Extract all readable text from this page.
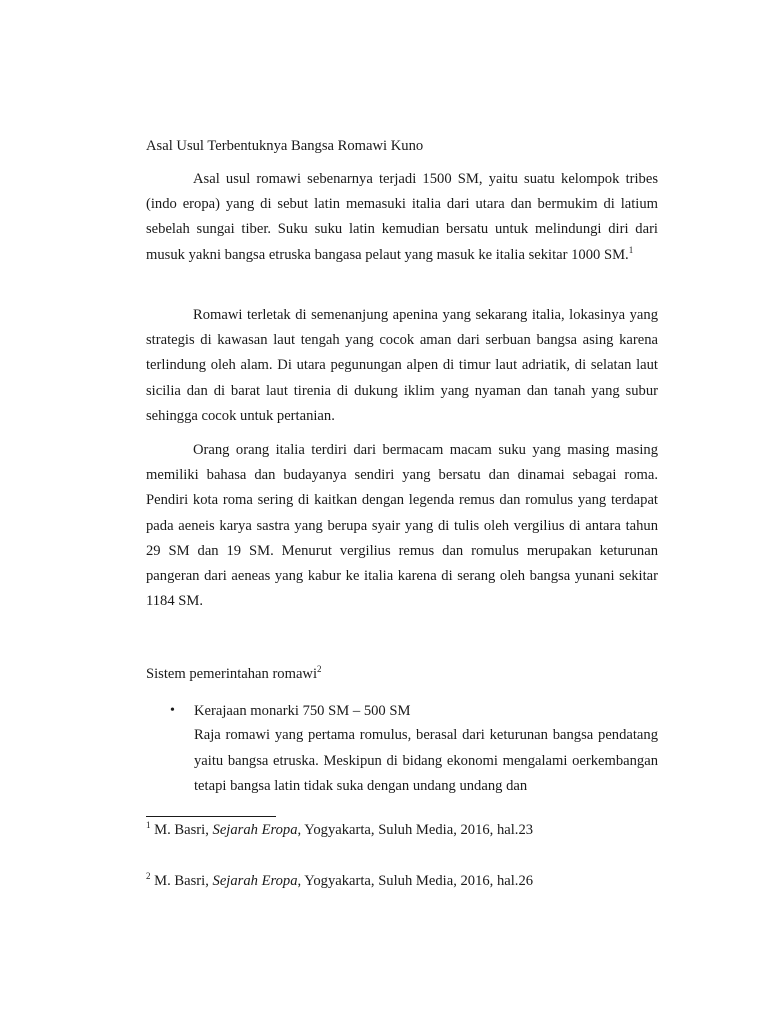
Asal Usul Terbentuknya Bangsa Romawi Kuno

Asal usul romawi sebenarnya terjadi 1500 SM, yaitu suatu kelompok tribes (indo eropa) yang di sebut latin memasuki italia dari utara dan bermukim di latium sebelah sungai tiber. Suku suku latin kemudian bersatu untuk melindungi diri dari musuk yakni bangsa etruska bangasa pelaut yang masuk ke italia sekitar 1000 SM.$^1$

Romawi terletak di semenanjung apenina yang sekarang italia, lokasinya yang strategis di kawasan laut tengah yang cocok aman dari serbuan bangsa asing karena terlindung oleh alam. Di utara pegunungan alpen di timur laut adriatik, di selatan laut sicilia dan di barat laut tirenia di dukung iklim yang nyaman dan tanah yang subur sehingga cocok untuk pertanian.

Orang orang italia terdiri dari bermacam macam suku yang masing masing memiliki bahasa dan budayanya sendiri yang bersatu dan dinamai sebagai roma. Pendiri kota roma sering di kaitkan dengan legenda remus dan romulus yang terdapat pada aeneis karya sastra yang berupa syair yang di tulis oleh vergilius di antara tahun 29 SM dan 19 SM. Menurut vergilius remus dan romulus merupakan keturunan pangeran dari aeneas yang kabur ke italia karena di serang oleh bangsa yunani sekitar 1184 SM.

Sistem pemerintahan romawi$^2$
• Kerajaan monarki 750 SM – 500 SM

Raja romawi yang pertama romulus, berasal dari keturunan bangsa pendatang yaitu bangsa etruska. Meskipun di bidang ekonomi mengalami oerkembangan tetapi bangsa latin tidak suka dengan undang undang dan

$^1$ M. Basri, Sejarah Eropa, Yogyakarta, Suluh Media, 2016, hal.23

$^2$ M. Basri, Sejarah Eropa, Yogyakarta, Suluh Media, 2016, hal.26
